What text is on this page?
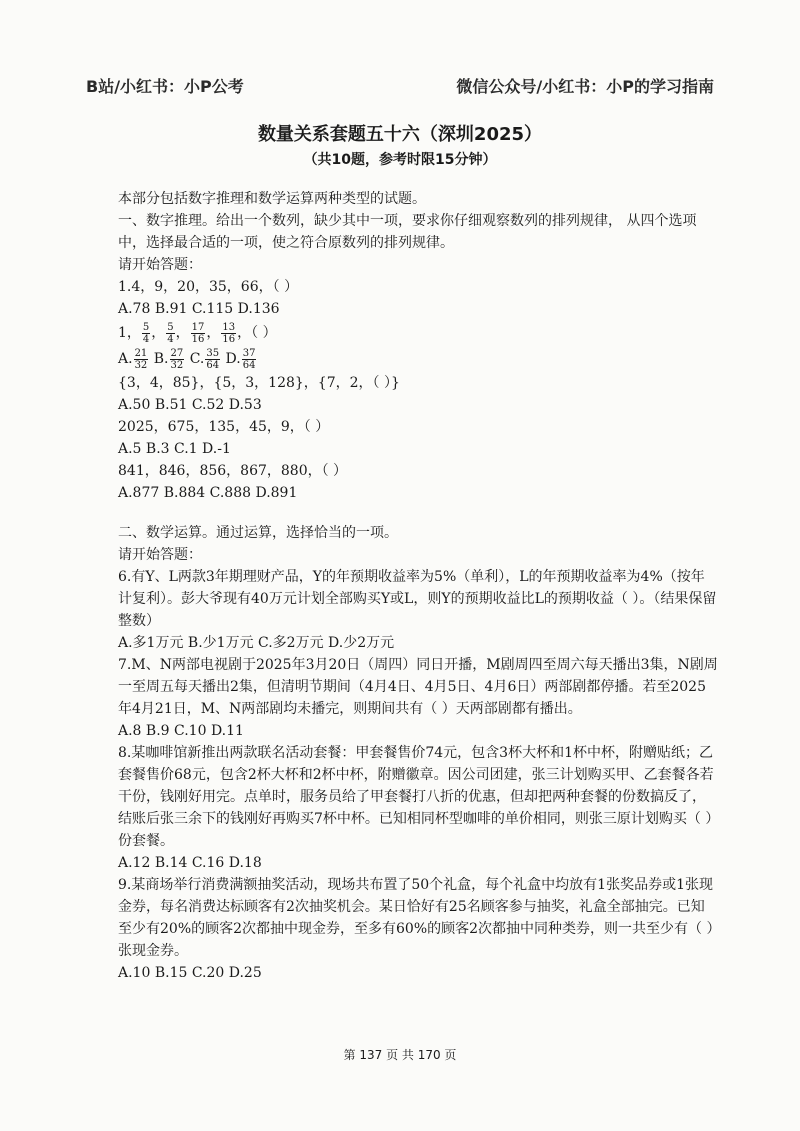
B站/小红书：小P公考	微信公众号/小红书：小P的学习指南
数量关系套题五十六（深圳2025）
（共10题，参考时限15分钟）

本部分包括数字推理和数学运算两种类型的试题。

一、数字推理。给出一个数列，缺少其中一项，要求你仔细观察数列的排列规律， 从四个选项中，选择最合适的一项，使之符合原数列的排列规律。

请开始答题：

1.4，9，20，35，66，（ ）

A.78 B.91 C.115 D.136

1， $\frac{5}{4}$ ， $\frac{5}{4}$ ， $\frac{17}{16}$ ， $\frac{13}{16}$ ，（ ）

A. $\frac{21}{32} B$. $\frac{27}{32} C$. $\frac{35}{64} D$. $\frac{37}{64}$

{3，4，85}，{5，3，128}，{7，2，（ ）}

A.50 B.51 C.52 D.53

2025，675，135，45，9，（ ）

A.5 B.3 C.1 D.-1

841，846，856，867，880，（ ）

A.877 B.884 C.888 D.891

二、数学运算。通过运算，选择恰当的一项。

请开始答题：

6.有Y、L两款3年期理财产品，Y的年预期收益率为5%（单利），L的年预期收益率为4%（按年计复利）。彭大爷现有40万元计划全部购买Y或L，则Y的预期收益比L的预期收益（ ）。（结果保留整数）

A.多1万元 B.少1万元 C.多2万元 D.少2万元

7.M、N两部电视剧于2025年3月20日（周四）同日开播，M剧周四至周六每天播出3集，N剧周一至周五每天播出2集，但清明节期间（4月4日、4月5日、4月6日）两部剧都停播。若至2025年4月21日，M、N两部剧均未播完，则期间共有（ ）天两部剧都有播出。

A.8 B.9 C.10 D.11

8.某咖啡馆新推出两款联名活动套餐：甲套餐售价74元，包含3杯大杯和1杯中杯，附赠贴纸；乙套餐售价68元，包含2杯大杯和2杯中杯，附赠徽章。因公司团建，张三计划购买甲、乙套餐各若干份，钱刚好用完。点单时，服务员给了甲套餐打八折的优惠，但却把两种套餐的份数搞反了，结账后张三余下的钱刚好再购买7杯中杯。已知相同杯型咖啡的单价相同，则张三原计划购买（ ）份套餐。

A.12 B.14 C.16 D.18

9.某商场举行消费满额抽奖活动，现场共布置了50个礼盒，每个礼盒中均放有1张奖品券或1张现金券，每名消费达标顾客有2次抽奖机会。某日恰好有25名顾客参与抽奖，礼盒全部抽完。已知至少有20%的顾客2次都抽中现金券，至多有60%的顾客2次都抽中同种类券，则一共至少有（ ）张现金券。

A.10 B.15 C.20 D.25

第 137 页 共 170 页
